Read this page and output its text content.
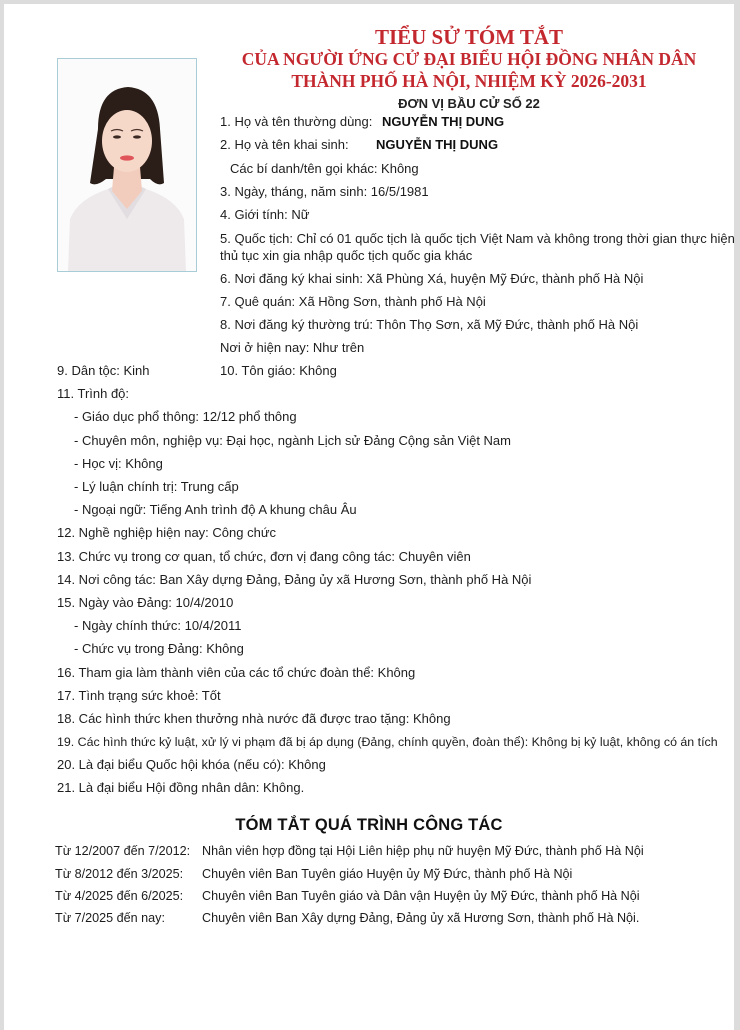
TIỂU SỬ TÓM TẮT
CỦA NGƯỜI ỨNG CỬ ĐẠI BIỂU HỘI ĐỒNG NHÂN DÂN
THÀNH PHỐ HÀ NỘI, NHIỆM KỲ 2026-2031
ĐƠN VỊ BẦU CỬ SỐ 22
1. Họ và tên thường dùng: NGUYỄN THỊ DUNG
2. Họ và tên khai sinh: NGUYỄN THỊ DUNG
Các bí danh/tên gọi khác: Không
3. Ngày, tháng, năm sinh: 16/5/1981
4. Giới tính: Nữ
5. Quốc tịch: Chỉ có 01 quốc tịch là quốc tịch Việt Nam và không trong thời gian thực hiện
thủ tục xin gia nhập quốc tịch quốc gia khác
6. Nơi đăng ký khai sinh: Xã Phùng Xá, huyện Mỹ Đức, thành phố Hà Nội
7. Quê quán: Xã Hồng Sơn, thành phố Hà Nội
8. Nơi đăng ký thường trú: Thôn Thọ Sơn, xã Mỹ Đức, thành phố Hà Nội
Nơi ở hiện nay: Như trên
9. Dân tộc: Kinh	10. Tôn giáo: Không
11. Trình độ:
- Giáo dục phổ thông: 12/12 phổ thông
- Chuyên môn, nghiệp vụ: Đại học, ngành Lịch sử Đảng Cộng sản Việt Nam
- Học vị: Không
- Lý luận chính trị: Trung cấp
- Ngoại ngữ: Tiếng Anh trình độ A khung châu Âu
12. Nghề nghiệp hiện nay: Công chức
13. Chức vụ trong cơ quan, tổ chức, đơn vị đang công tác: Chuyên viên
14. Nơi công tác: Ban Xây dựng Đảng, Đảng ủy xã Hương Sơn, thành phố Hà Nội
15. Ngày vào Đảng: 10/4/2010
- Ngày chính thức: 10/4/2011
- Chức vụ trong Đảng: Không
16. Tham gia làm thành viên của các tổ chức đoàn thể: Không
17. Tình trạng sức khoẻ: Tốt
18. Các hình thức khen thưởng nhà nước đã được trao tặng: Không
19. Các hình thức kỷ luật, xử lý vi phạm đã bị áp dụng (Đảng, chính quyền, đoàn thể): Không bị kỷ luật, không có án tích
20. Là đại biểu Quốc hội khóa (nếu có): Không
21. Là đại biểu Hội đồng nhân dân: Không.
TÓM TẮT QUÁ TRÌNH CÔNG TÁC
Từ 12/2007 đến 7/2012: Nhân viên hợp đồng tại Hội Liên hiệp phụ nữ huyện Mỹ Đức, thành phố Hà Nội
Từ 8/2012 đến 3/2025: Chuyên viên Ban Tuyên giáo Huyện ủy Mỹ Đức, thành phố Hà Nội
Từ 4/2025 đến 6/2025: Chuyên viên Ban Tuyên giáo và Dân vận Huyện ủy Mỹ Đức, thành phố Hà Nội
Từ 7/2025 đến nay:	Chuyên viên Ban Xây dựng Đảng, Đảng ủy xã Hương Sơn, thành phố Hà Nội.
